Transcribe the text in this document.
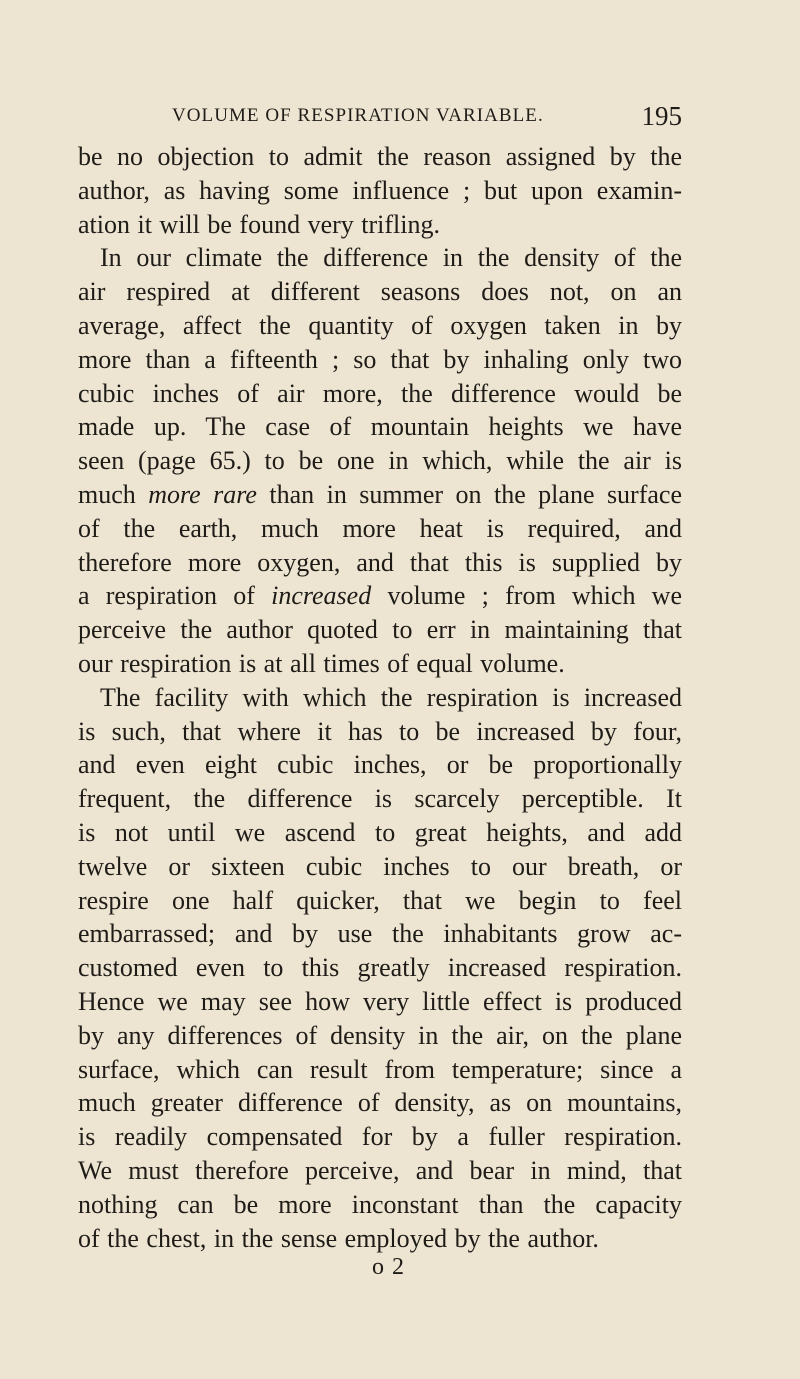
VOLUME OF RESPIRATION VARIABLE.	195
be no objection to admit the reason assigned by the
author, as having some influence ; but upon examin-
ation it will be found very trifling.
In our climate the difference in the density of the
air respired at different seasons does not, on an
average, affect the quantity of oxygen taken in by
more than a fifteenth ; so that by inhaling only two
cubic inches of air more, the difference would be
made up. The case of mountain heights we have
seen (page 65.) to be one in which, while the air is
much more rare than in summer on the plane surface
of the earth, much more heat is required, and
therefore more oxygen, and that this is supplied by
a respiration of increased volume ; from which we
perceive the author quoted to err in maintaining that
our respiration is at all times of equal volume.
The facility with which the respiration is increased
is such, that where it has to be increased by four,
and even eight cubic inches, or be proportionally
frequent, the difference is scarcely perceptible. It
is not until we ascend to great heights, and add
twelve or sixteen cubic inches to our breath, or
respire one half quicker, that we begin to feel
embarrassed; and by use the inhabitants grow ac-
customed even to this greatly increased respiration.
Hence we may see how very little effect is produced
by any differences of density in the air, on the plane
surface, which can result from temperature; since a
much greater difference of density, as on mountains,
is readily compensated for by a fuller respiration.
We must therefore perceive, and bear in mind, that
nothing can be more inconstant than the capacity
of the chest, in the sense employed by the author.
o 2
